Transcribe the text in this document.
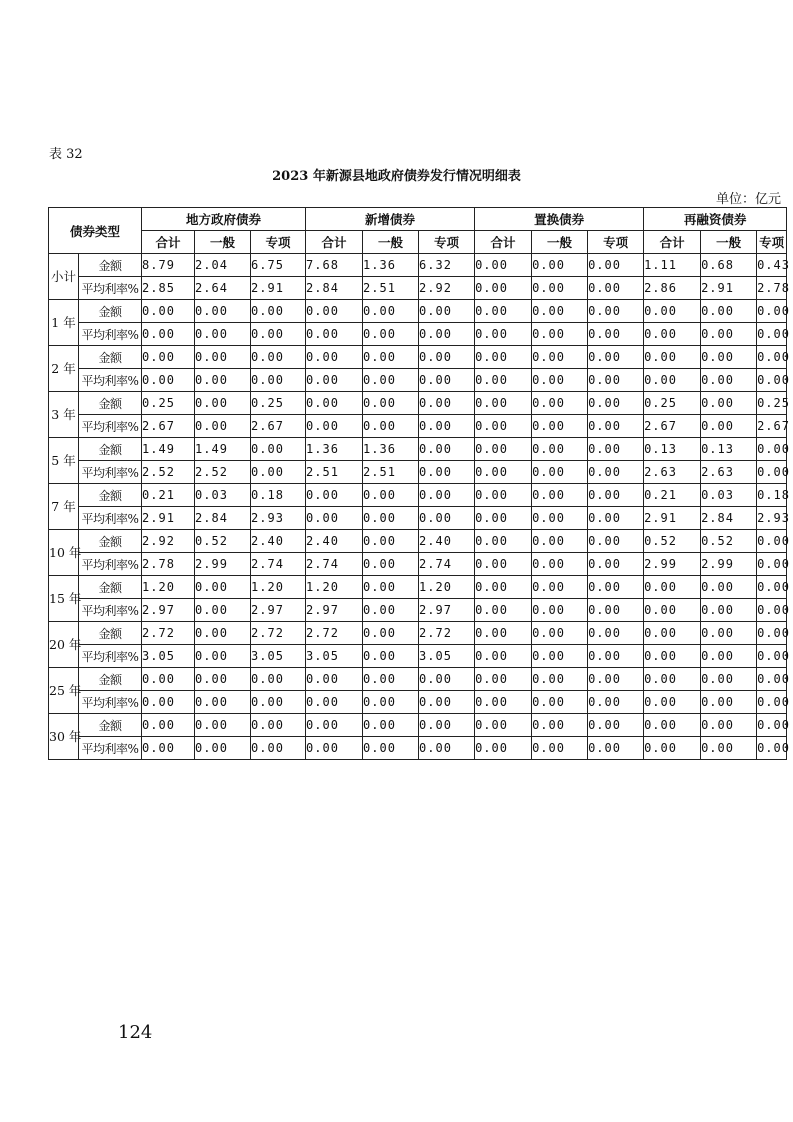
表 32
2023 年新源县地政府债券发行情况明细表
单位：亿元
债券类型		地方政府债券			新增债券			置换债券			再融资债券		
		合计	一般	专项	合计	一般	专项	合计	一般	专项	合计	一般	专项
小计	金额	8.79	2.04	6.75	7.68	1.36	6.32	0.00	0.00	0.00	1.11	0.68	0.43
	平均利率%	2.85	2.64	2.91	2.84	2.51	2.92	0.00	0.00	0.00	2.86	2.91	2.78
1 年	金额	0.00	0.00	0.00	0.00	0.00	0.00	0.00	0.00	0.00	0.00	0.00	0.00
	平均利率%	0.00	0.00	0.00	0.00	0.00	0.00	0.00	0.00	0.00	0.00	0.00	0.00
2 年	金额	0.00	0.00	0.00	0.00	0.00	0.00	0.00	0.00	0.00	0.00	0.00	0.00
	平均利率%	0.00	0.00	0.00	0.00	0.00	0.00	0.00	0.00	0.00	0.00	0.00	0.00
3 年	金额	0.25	0.00	0.25	0.00	0.00	0.00	0.00	0.00	0.00	0.25	0.00	0.25
	平均利率%	2.67	0.00	2.67	0.00	0.00	0.00	0.00	0.00	0.00	2.67	0.00	2.67
5 年	金额	1.49	1.49	0.00	1.36	1.36	0.00	0.00	0.00	0.00	0.13	0.13	0.00
	平均利率%	2.52	2.52	0.00	2.51	2.51	0.00	0.00	0.00	0.00	2.63	2.63	0.00
7 年	金额	0.21	0.03	0.18	0.00	0.00	0.00	0.00	0.00	0.00	0.21	0.03	0.18
	平均利率%	2.91	2.84	2.93	0.00	0.00	0.00	0.00	0.00	0.00	2.91	2.84	2.93
10 年	金额	2.92	0.52	2.40	2.40	0.00	2.40	0.00	0.00	0.00	0.52	0.52	0.00
	平均利率%	2.78	2.99	2.74	2.74	0.00	2.74	0.00	0.00	0.00	2.99	2.99	0.00
15 年	金额	1.20	0.00	1.20	1.20	0.00	1.20	0.00	0.00	0.00	0.00	0.00	0.00
	平均利率%	2.97	0.00	2.97	2.97	0.00	2.97	0.00	0.00	0.00	0.00	0.00	0.00
20 年	金额	2.72	0.00	2.72	2.72	0.00	2.72	0.00	0.00	0.00	0.00	0.00	0.00
	平均利率%	3.05	0.00	3.05	3.05	0.00	3.05	0.00	0.00	0.00	0.00	0.00	0.00
25 年	金额	0.00	0.00	0.00	0.00	0.00	0.00	0.00	0.00	0.00	0.00	0.00	0.00
	平均利率%	0.00	0.00	0.00	0.00	0.00	0.00	0.00	0.00	0.00	0.00	0.00	0.00
30 年	金额	0.00	0.00	0.00	0.00	0.00	0.00	0.00	0.00	0.00	0.00	0.00	0.00
	平均利率%	0.00	0.00	0.00	0.00	0.00	0.00	0.00	0.00	0.00	0.00	0.00	0.00
124
